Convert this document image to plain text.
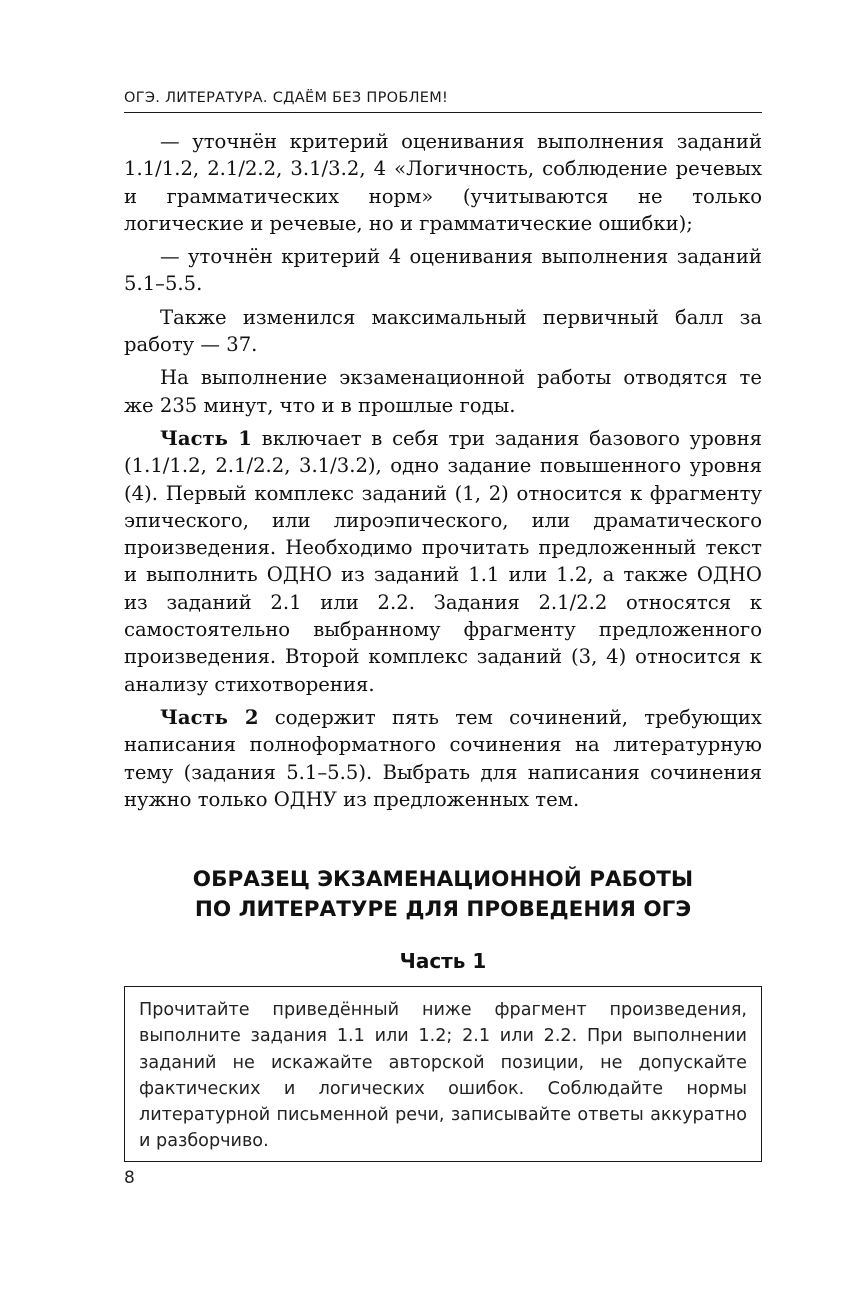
ОГЭ. ЛИТЕРАТУРА. СДАЁМ БЕЗ ПРОБЛЕМ!

— уточнён критерий оценивания выполнения заданий 1.1/1.2, 2.1/2.2, 3.1/3.2, 4 «Логичность, соблюдение речевых и грамматических норм» (учитываются не только логические и речевые, но и грамматические ошибки);

— уточнён критерий 4 оценивания выполнения заданий 5.1–5.5.

Также изменился максимальный первичный балл за работу — 37.

На выполнение экзаменационной работы отводятся те же 235 минут, что и в прошлые годы.

Часть 1 включает в себя три задания базового уровня (1.1/1.2, 2.1/2.2, 3.1/3.2), одно задание повышенного уровня (4). Первый комплекс заданий (1, 2) относится к фрагменту эпического, или лироэпического, или драматического произведения. Необходимо прочитать предложенный текст и выполнить ОДНО из заданий 1.1 или 1.2, а также ОДНО из заданий 2.1 или 2.2. Задания 2.1/2.2 относятся к самостоятельно выбранному фрагменту предложенного произведения. Второй комплекс заданий (3, 4) относится к анализу стихотворения.

Часть 2 содержит пять тем сочинений, требующих написания полноформатного сочинения на литературную тему (задания 5.1–5.5). Выбрать для написания сочинения нужно только ОДНУ из предложенных тем.

ОБРАЗЕЦ ЭКЗАМЕНАЦИОННОЙ РАБОТЫ
ПО ЛИТЕРАТУРЕ ДЛЯ ПРОВЕДЕНИЯ ОГЭ
Часть 1
Прочитайте приведённый ниже фрагмент произведения, выполните задания 1.1 или 1.2; 2.1 или 2.2. При выполнении заданий не искажайте авторской позиции, не допускайте фактических и логических ошибок. Соблюдайте нормы литературной письменной речи, записывайте ответы аккуратно и разборчиво.
8
